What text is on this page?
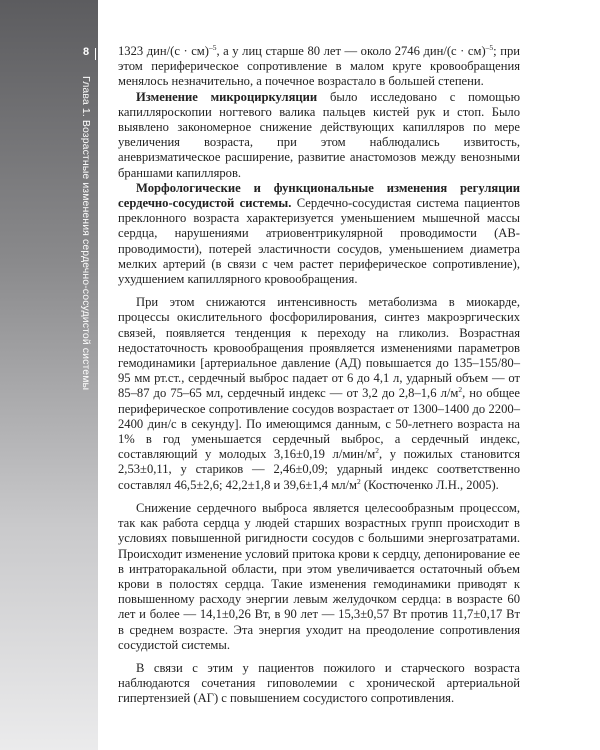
8
Глава 1. Возрастные изменения сердечно-сосудистой системы

1323 дин/(с · см)$^{-5}$, а у лиц старше 80 лет — около 2746 дин/(с · см)$^{-5}$; при этом периферическое сопротивление в малом круге кровообращения менялось незначительно, а почечное возрастало в большей степени.

Изменение микроциркуляции было исследовано с помощью капилляроскопии ногтевого валика пальцев кистей рук и стоп. Было выявлено закономерное снижение действующих капилляров по мере увеличения возраста, при этом наблюдались извитость, аневризматическое расширение, развитие анастомозов между венозными браншами капилляров.

Морфологические и функциональные изменения регуляции сердечно-сосудистой системы. Сердечно-сосудистая система пациентов преклонного возраста характеризуется уменьшением мышечной массы сердца, нарушениями атриовентрикулярной проводимости (АВ-проводимости), потерей эластичности сосудов, уменьшением диаметра мелких артерий (в связи с чем растет периферическое сопротивление), ухудшением капиллярного кровообращения.

При этом снижаются интенсивность метаболизма в миокарде, процессы окислительного фосфорилирования, синтез макроэргических связей, появляется тенденция к переходу на гликолиз. Возрастная недостаточность кровообращения проявляется изменениями параметров гемодинамики [артериальное давление (АД) повышается до 135–155/80–95 мм рт.ст., сердечный выброс падает от 6 до 4,1 л, ударный объем — от 85–87 до 75–65 мл, сердечный индекс — от 3,2 до 2,8–1,6 $л/м^2$, но общее периферическое сопротивление сосудов возрастает от 1300–1400 до 2200–2400 дин/с в секунду]. По имеющимся данным, с 50-летнего возраста на 1% в год уменьшается сердечный выброс, а сердечный индекс, составляющий у молодых 3,16±0,19 $л/мин/м^2$, у пожилых становится 2,53±0,11, у стариков — 2,46±0,09; ударный индекс соответственно составлял 46,5±2,6; 42,2±1,8 и 39,6±1,4 $мл/м^2$ (Костюченко Л.Н., 2005).

Снижение сердечного выброса является целесообразным процессом, так как работа сердца у людей старших возрастных групп происходит в условиях повышенной ригидности сосудов с большими энергозатратами. Происходит изменение условий притока крови к сердцу, депонирование ее в интраторакальной области, при этом увеличивается остаточный объем крови в полостях сердца. Такие изменения гемодинамики приводят к повышенному расходу энергии левым желудочком сердца: в возрасте 60 лет и более — 14,1±0,26 Вт, в 90 лет — 15,3±0,57 Вт против 11,7±0,17 Вт в среднем возрасте. Эта энергия уходит на преодоление сопротивления сосудистой системы.

В связи с этим у пациентов пожилого и старческого возраста наблюдаются сочетания гиповолемии с хронической артериальной гипертензией (АГ) с повышением сосудистого сопротивления.
